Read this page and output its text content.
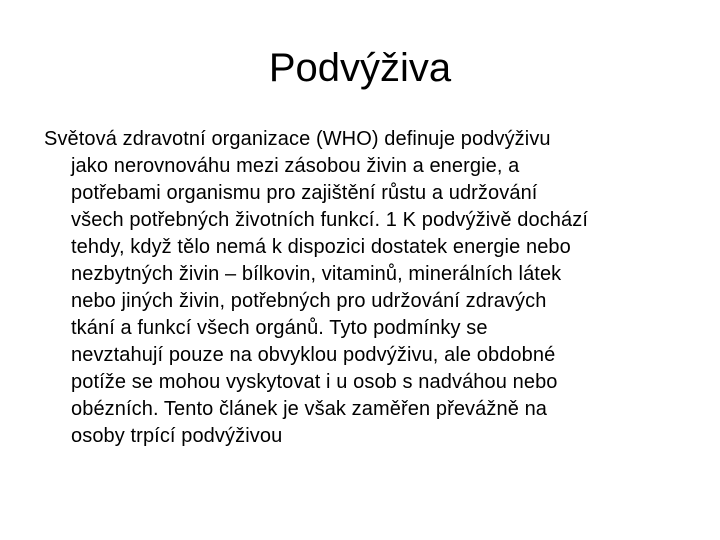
Podvýživa

Světová zdravotní organizace (WHO) definuje podvýživu
jako nerovnováhu mezi zásobou živin a energie, a
potřebami organismu pro zajištění růstu a udržování
všech potřebných životních funkcí. 1 K podvýživě dochází
tehdy, když tělo nemá k dispozici dostatek energie nebo
nezbytných živin – bílkovin, vitaminů, minerálních látek
nebo jiných živin, potřebných pro udržování zdravých
tkání a funkcí všech orgánů. Tyto podmínky se
nevztahují pouze na obvyklou podvýživu, ale obdobné
potíže se mohou vyskytovat i u osob s nadváhou nebo
obézních. Tento článek je však zaměřen převážně na
osoby trpící podvýživou
